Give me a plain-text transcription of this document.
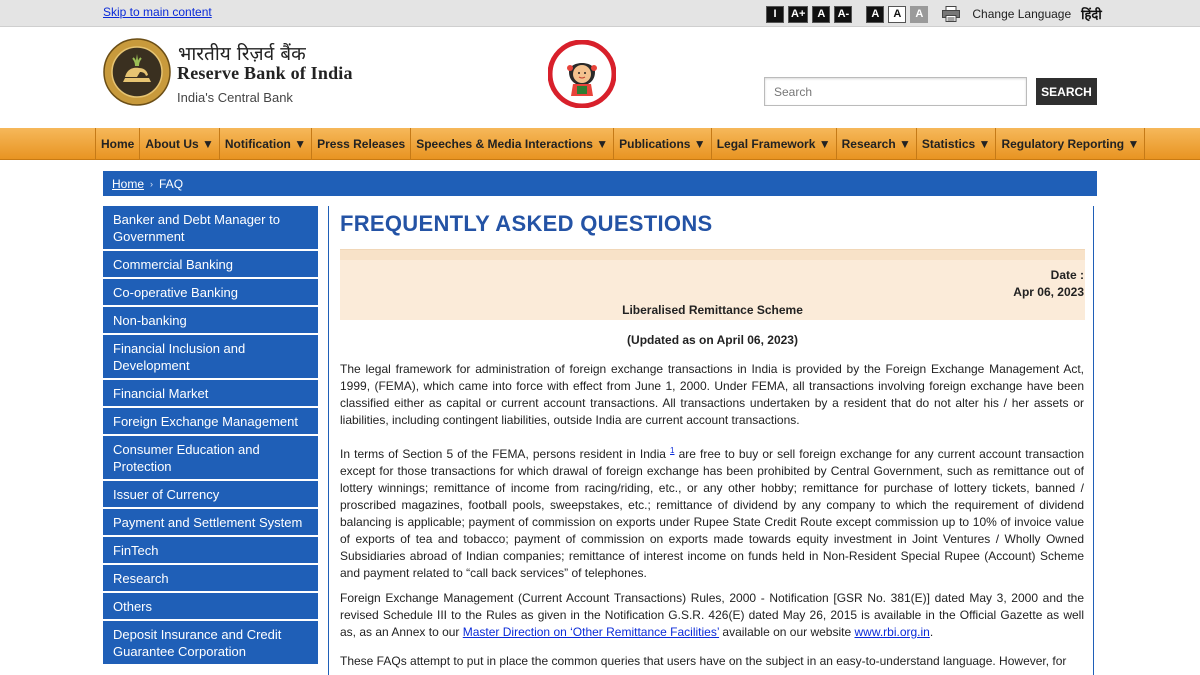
Skip to main content	I	A+	A	A-	A	A	A	Change Language हिंदी
भारतीय रिज़र्व बैंक
Reserve Bank of India
India's Central Bank
Search	SEARCH
Home About Us ▼ Notification ▼ Press Releases Speeches & Media Interactions ▼ Publications ▼ Legal Framework ▼ Research ▼ Statistics ▼ Regulatory Reporting ▼
Home › FAQ
Banker and Debt Manager to Government
Commercial Banking
Co-operative Banking
Non-banking
Financial Inclusion and Development
Financial Market
Foreign Exchange Management
Consumer Education and Protection
Issuer of Currency
Payment and Settlement System
FinTech
Research
Others
Deposit Insurance and Credit Guarantee Corporation
FREQUENTLY ASKED QUESTIONS
Date :
Apr 06, 2023
Liberalised Remittance Scheme
(Updated as on April 06, 2023)

The legal framework for administration of foreign exchange transactions in India is provided by the Foreign Exchange Management Act, 1999, (FEMA), which came into force with effect from June 1, 2000. Under FEMA, all transactions involving foreign exchange have been classified either as capital or current account transactions. All transactions undertaken by a resident that do not alter his / her assets or liabilities, including contingent liabilities, outside India are current account transactions.

In terms of Section 5 of the FEMA, persons resident in India $^1$ are free to buy or sell foreign exchange for any current account transaction except for those transactions for which drawal of foreign exchange has been prohibited by Central Government, such as remittance out of lottery winnings; remittance of income from racing/riding, etc., or any other hobby; remittance for purchase of lottery tickets, banned / proscribed magazines, football pools, sweepstakes, etc.; remittance of dividend by any company to which the requirement of dividend balancing is applicable; payment of commission on exports under Rupee State Credit Route except commission up to 10% of invoice value of exports of tea and tobacco; payment of commission on exports made towards equity investment in Joint Ventures / Wholly Owned Subsidiaries abroad of Indian companies; remittance of interest income on funds held in Non-Resident Special Rupee (Account) Scheme and payment related to “call back services” of telephones.

Foreign Exchange Management (Current Account Transactions) Rules, 2000 - Notification [GSR No. 381(E)] dated May 3, 2000 and the revised Schedule III to the Rules as given in the Notification G.S.R. 426(E) dated May 26, 2015 is available in the Official Gazette as well as, as an Annex to our Master Direction on ‘Other Remittance Facilities’ available on our website www.rbi.org.in.

These FAQs attempt to put in place the common queries that users have on the subject in an easy-to-understand language. However, for
